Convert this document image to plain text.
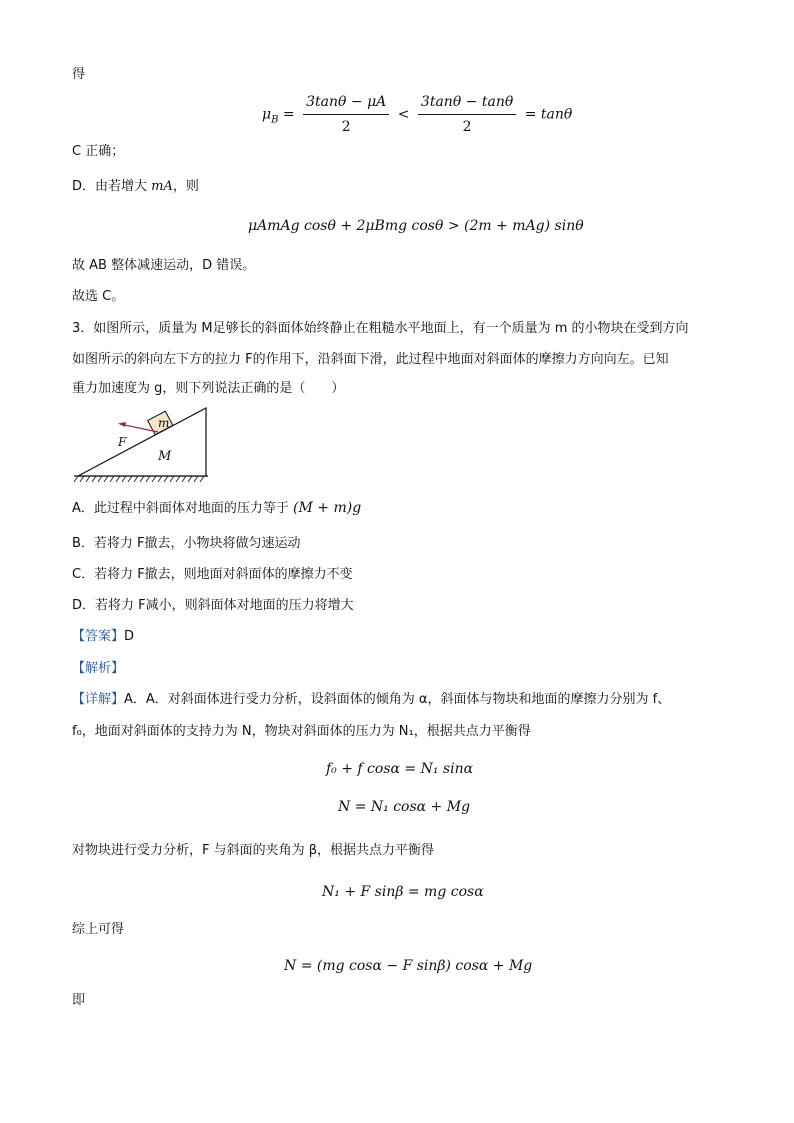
得
$\mu_B = \frac{3\tan\theta - \mu A}{2} < \frac{3\tan\theta - \tan\theta}{2} = \tan\theta$
C 正确；
D．由若增大 mA，则
μAmAg cosθ + 2μBmg cosθ > (2m + mAg) sinθ
故 AB 整体减速运动，D 错误。
故选 C。
3．如图所示，质量为 M足够长的斜面体始终静止在粗糙水平地面上，有一个质量为 m 的小物块在受到方向
如图所示的斜向左下方的拉力 F的作用下，沿斜面下滑，此过程中地面对斜面体的摩擦力方向向左。已知
重力加速度为 g，则下列说法正确的是（　　）
m
F
M
A．此过程中斜面体对地面的压力等于 (M + m)g
B．若将力 F撤去，小物块将做匀速运动
C．若将力 F撤去，则地面对斜面体的摩擦力不变
D．若将力 F减小，则斜面体对地面的压力将增大
【答案】D
【解析】
【详解】A．A．对斜面体进行受力分析，设斜面体的倾角为 α，斜面体与物块和地面的摩擦力分别为 f、
f₀，地面对斜面体的支持力为 N，物块对斜面体的压力为 N₁，根据共点力平衡得
f₀ + f cosα = N₁ sinα
N = N₁ cosα + Mg
对物块进行受力分析，F 与斜面的夹角为 β，根据共点力平衡得
N₁ + F sinβ = mg cosα
综上可得
N = (mg cosα − F sinβ) cosα + Mg
即
